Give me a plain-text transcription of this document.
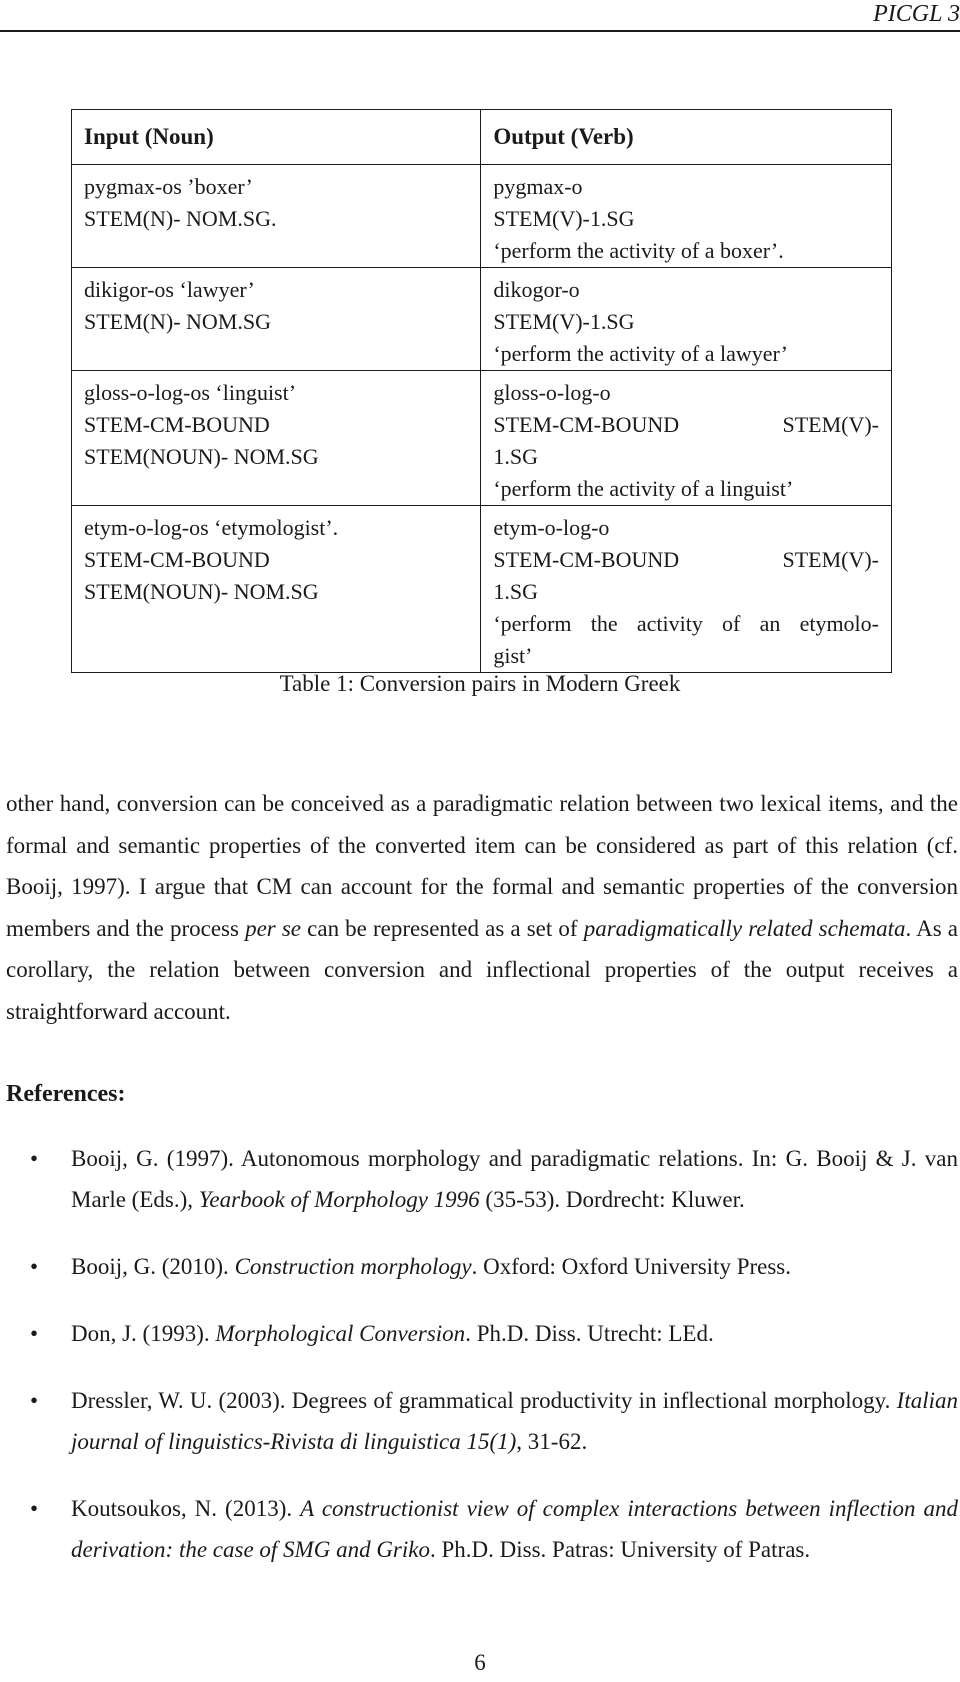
PICGL 3
Input (Noun)	Output (Verb)

pygmax-os ’boxer’
STEM(N)- NOM.SG.	pygmax-o
STEM(V)-1.SG
‘perform the activity of a boxer’.

dikigor-os ‘lawyer’
STEM(N)- NOM.SG	dikogor-o
STEM(V)-1.SG
‘perform the activity of a lawyer’

gloss-o-log-os ‘linguist’
STEM-CM-BOUND
STEM(NOUN)- NOM.SG	gloss-o-log-o
STEM-CM-BOUND STEM(V)-
1.SG
‘perform the activity of a linguist’

etym-o-log-os ‘etymologist’.
STEM-CM-BOUND
STEM(NOUN)- NOM.SG	etym-o-log-o
STEM-CM-BOUND STEM(V)-
1.SG
‘perform the activity of an etymolo-
gist’
Table 1: Conversion pairs in Modern Greek

other hand, conversion can be conceived as a paradigmatic relation between two lexical items, and the formal and semantic properties of the converted item can be considered as part of this relation (cf. Booij, 1997). I argue that CM can account for the formal and semantic properties of the conversion members and the process per se can be represented as a set of paradigmatically related schemata. As a corollary, the relation between conversion and inflectional properties of the output receives a straightforward account.

References:
• Booij, G. (1997). Autonomous morphology and paradigmatic relations. In: G. Booij & J. van Marle (Eds.), Yearbook of Morphology 1996 (35-53). Dordrecht: Kluwer.
• Booij, G. (2010). Construction morphology. Oxford: Oxford University Press.
• Don, J. (1993). Morphological Conversion. Ph.D. Diss. Utrecht: LEd.
• Dressler, W. U. (2003). Degrees of grammatical productivity in inflectional morphology. Italian journal of linguistics-Rivista di linguistica 15(1), 31-62.
• Koutsoukos, N. (2013). A constructionist view of complex interactions between inflection and derivation: the case of SMG and Griko. Ph.D. Diss. Patras: University of Patras.
6
